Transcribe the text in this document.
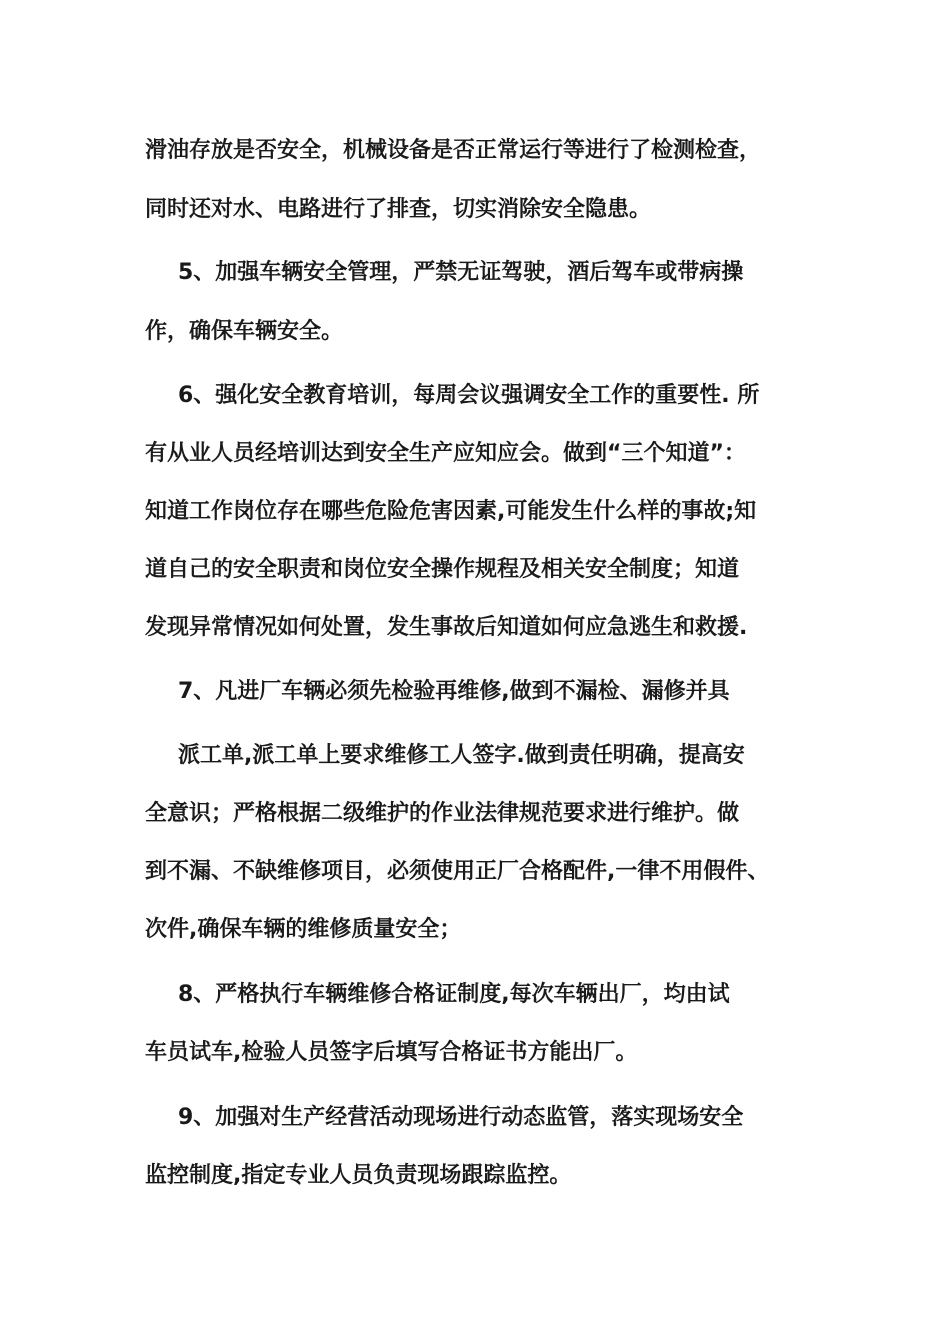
滑油存放是否安全，机械设备是否正常运行等进行了检测检查，
同时还对水、电路进行了排查，切实消除安全隐患。
5、加强车辆安全管理，严禁无证驾驶，酒后驾车或带病操
作，确保车辆安全。
6、强化安全教育培训，每周会议强调安全工作的重要性. 所
有从业人员经培训达到安全生产应知应会。做到“三个知道”：
知道工作岗位存在哪些危险危害因素,可能发生什么样的事故;知
道自己的安全职责和岗位安全操作规程及相关安全制度；知道
发现异常情况如何处置，发生事故后知道如何应急逃生和救援.
7、凡进厂车辆必须先检验再维修,做到不漏检、漏修并具
派工单,派工单上要求维修工人签字.做到责任明确，提高安
全意识；严格根据二级维护的作业法律规范要求进行维护。做
到不漏、不缺维修项目，必须使用正厂合格配件,一律不用假件、
次件,确保车辆的维修质量安全；
8、严格执行车辆维修合格证制度,每次车辆出厂，均由试
车员试车,检验人员签字后填写合格证书方能出厂。
9、加强对生产经营活动现场进行动态监管，落实现场安全
监控制度,指定专业人员负责现场跟踪监控。
